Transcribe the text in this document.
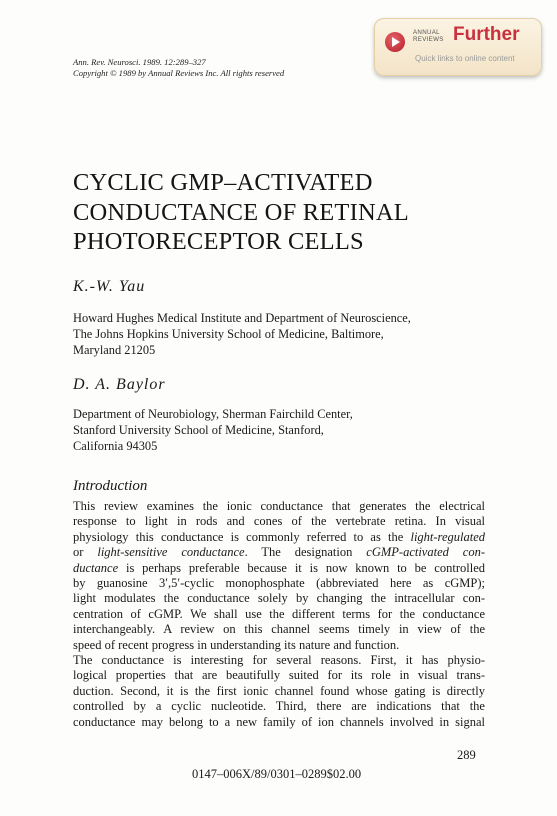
Ann. Rev. Neurosci. 1989. 12:289–327
Copyright © 1989 by Annual Reviews Inc. All rights reserved
ANNUAL
REVIEWS Further
Quick links to online content
CYCLIC GMP–ACTIVATED
CONDUCTANCE OF RETINAL
PHOTORECEPTOR CELLS
K.-W. Yau
Howard Hughes Medical Institute and Department of Neuroscience,
The Johns Hopkins University School of Medicine, Baltimore,
Maryland 21205
D. A. Baylor
Department of Neurobiology, Sherman Fairchild Center,
Stanford University School of Medicine, Stanford,
California 94305
Introduction
This review examines the ionic conductance that generates the electrical
response to light in rods and cones of the vertebrate retina. In visual
physiology this conductance is commonly referred to as the light-regulated
or light-sensitive conductance. The designation cGMP-activated con-
ductance is perhaps preferable because it is now known to be controlled
by guanosine 3′,5′-cyclic monophosphate (abbreviated here as cGMP);
light modulates the conductance solely by changing the intracellular con-
centration of cGMP. We shall use the different terms for the conductance
interchangeably. A review on this channel seems timely in view of the
speed of recent progress in understanding its nature and function.
The conductance is interesting for several reasons. First, it has physio-
logical properties that are beautifully suited for its role in visual trans-
duction. Second, it is the first ionic channel found whose gating is directly
controlled by a cyclic nucleotide. Third, there are indications that the
conductance may belong to a new family of ion channels involved in signal
289
0147–006X/89/0301–0289$02.00
